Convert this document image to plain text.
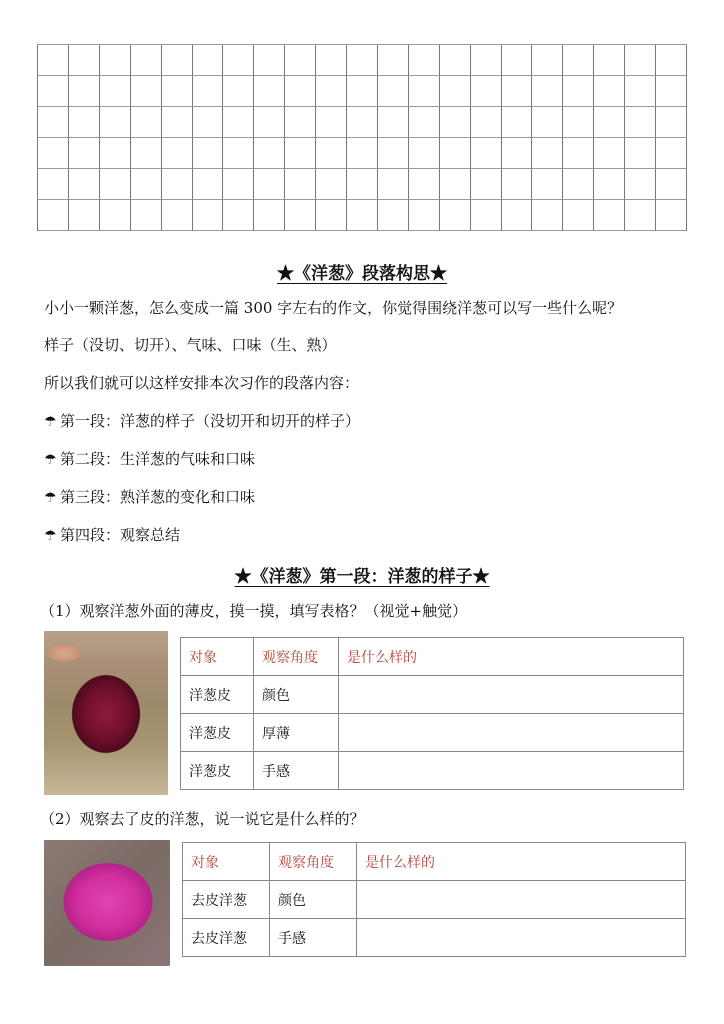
★《洋葱》段落构思★
小小一颗洋葱，怎么变成一篇 300 字左右的作文，你觉得围绕洋葱可以写一些什么呢？
样子（没切、切开）、气味、口味（生、熟）
所以我们就可以这样安排本次习作的段落内容：
☂ 第一段：洋葱的样子（没切开和切开的样子）
☂ 第二段：生洋葱的气味和口味
☂ 第三段：熟洋葱的变化和口味
☂ 第四段：观察总结
★《洋葱》第一段：洋葱的样子★
（1）观察洋葱外面的薄皮，摸一摸，填写表格？（视觉+触觉）
对象	观察角度	是什么样的
洋葱皮	颜色	
洋葱皮	厚薄	
洋葱皮	手感	
（2）观察去了皮的洋葱，说一说它是什么样的？
对象	观察角度	是什么样的
去皮洋葱	颜色	
去皮洋葱	手感	
